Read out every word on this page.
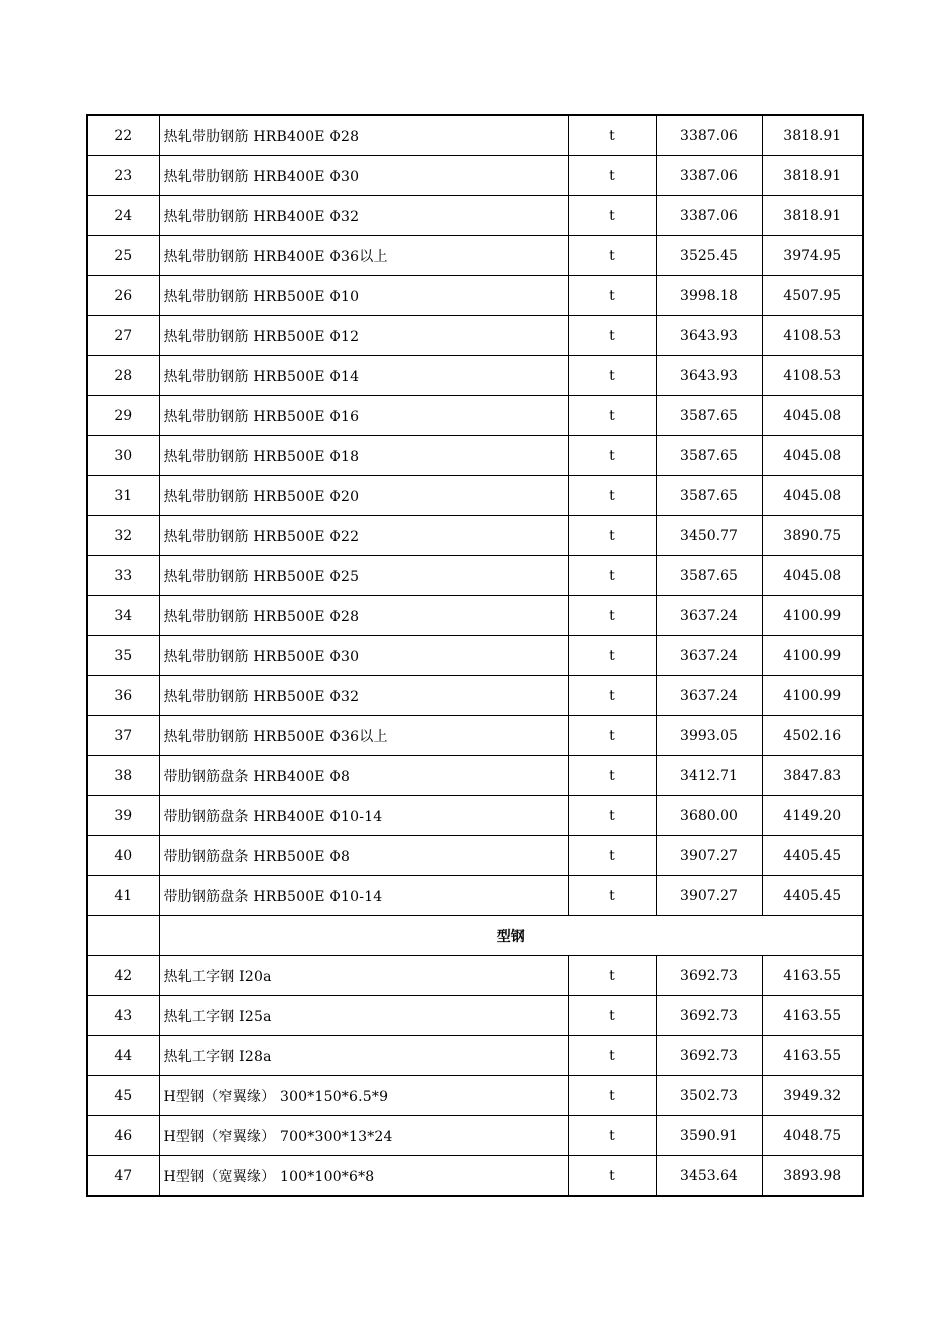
22	热轧带肋钢筋 HRB400E Φ28	t	3387.06	3818.91
23	热轧带肋钢筋 HRB400E Φ30	t	3387.06	3818.91
24	热轧带肋钢筋 HRB400E Φ32	t	3387.06	3818.91
25	热轧带肋钢筋 HRB400E Φ36以上	t	3525.45	3974.95
26	热轧带肋钢筋 HRB500E Φ10	t	3998.18	4507.95
27	热轧带肋钢筋 HRB500E Φ12	t	3643.93	4108.53
28	热轧带肋钢筋 HRB500E Φ14	t	3643.93	4108.53
29	热轧带肋钢筋 HRB500E Φ16	t	3587.65	4045.08
30	热轧带肋钢筋 HRB500E Φ18	t	3587.65	4045.08
31	热轧带肋钢筋 HRB500E Φ20	t	3587.65	4045.08
32	热轧带肋钢筋 HRB500E Φ22	t	3450.77	3890.75
33	热轧带肋钢筋 HRB500E Φ25	t	3587.65	4045.08
34	热轧带肋钢筋 HRB500E Φ28	t	3637.24	4100.99
35	热轧带肋钢筋 HRB500E Φ30	t	3637.24	4100.99
36	热轧带肋钢筋 HRB500E Φ32	t	3637.24	4100.99
37	热轧带肋钢筋 HRB500E Φ36以上	t	3993.05	4502.16
38	带肋钢筋盘条 HRB400E Φ8	t	3412.71	3847.83
39	带肋钢筋盘条 HRB400E Φ10-14	t	3680.00	4149.20
40	带肋钢筋盘条 HRB500E Φ8	t	3907.27	4405.45
41	带肋钢筋盘条 HRB500E Φ10-14	t	3907.27	4405.45
	型钢			
42	热轧工字钢 I20a	t	3692.73	4163.55
43	热轧工字钢 I25a	t	3692.73	4163.55
44	热轧工字钢 I28a	t	3692.73	4163.55
45	H型钢（窄翼缘） 300*150*6.5*9	t	3502.73	3949.32
46	H型钢（窄翼缘） 700*300*13*24	t	3590.91	4048.75
47	H型钢（宽翼缘） 100*100*6*8	t	3453.64	3893.98
